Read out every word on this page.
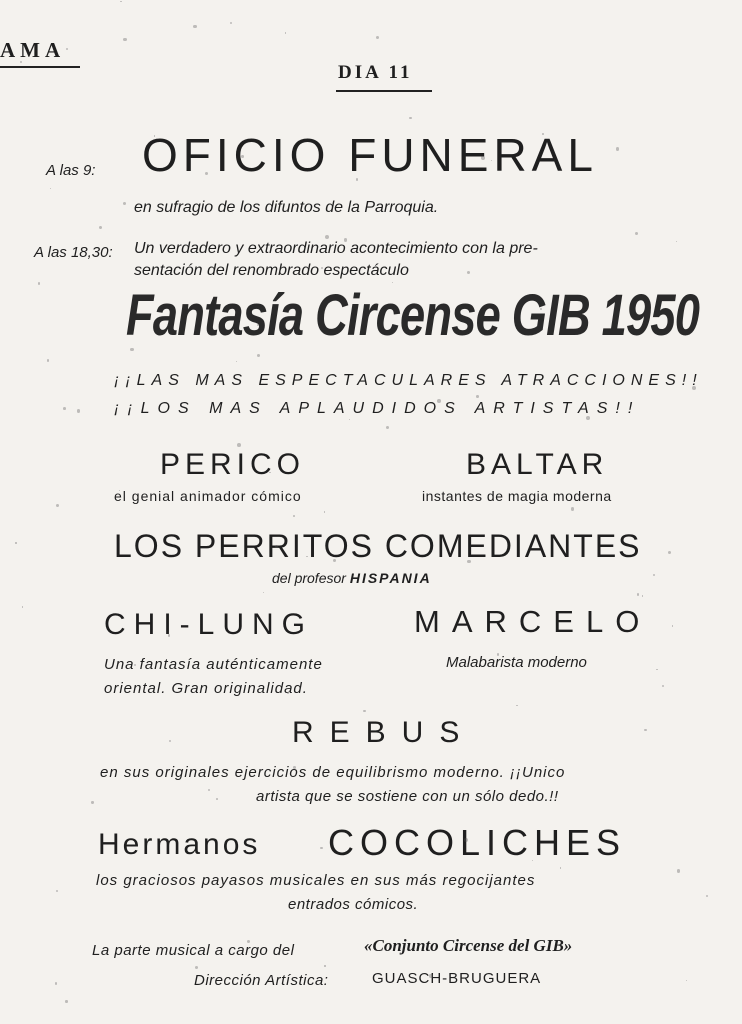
AMA
DIA 11
A las 9: OFICIO FUNERAL
en sufragio de los difuntos de la Parroquia.
A las 18,30: Un verdadero y extraordinario acontecimiento con la pre-
sentación del renombrado espectáculo
Fantasía Circense GIB 1950
¡¡LAS MAS ESPECTACULARES ATRACCIONES!!
¡¡LOS MAS APLAUDIDOS ARTISTAS!!
PERICO
el genial animador cómico
BALTAR
instantes de magia moderna
LOS PERRITOS COMEDIANTES
del profesor HISPANIA
CHI-LUNG	MARCELO
Una fantasía auténticamente
oriental. Gran originalidad.
Malabarista moderno
REBUS
en sus originales ejercicios de equilibrismo moderno. ¡¡Unico
artista que se sostiene con un sólo dedo.!!
Hermanos COCOLICHES
los graciosos payasos musicales en sus más regocijantes
entrados cómicos.
La parte musical a cargo del	«Conjunto Circense del GIB»
Dirección Artística:	GUASCH-BRUGUERA
